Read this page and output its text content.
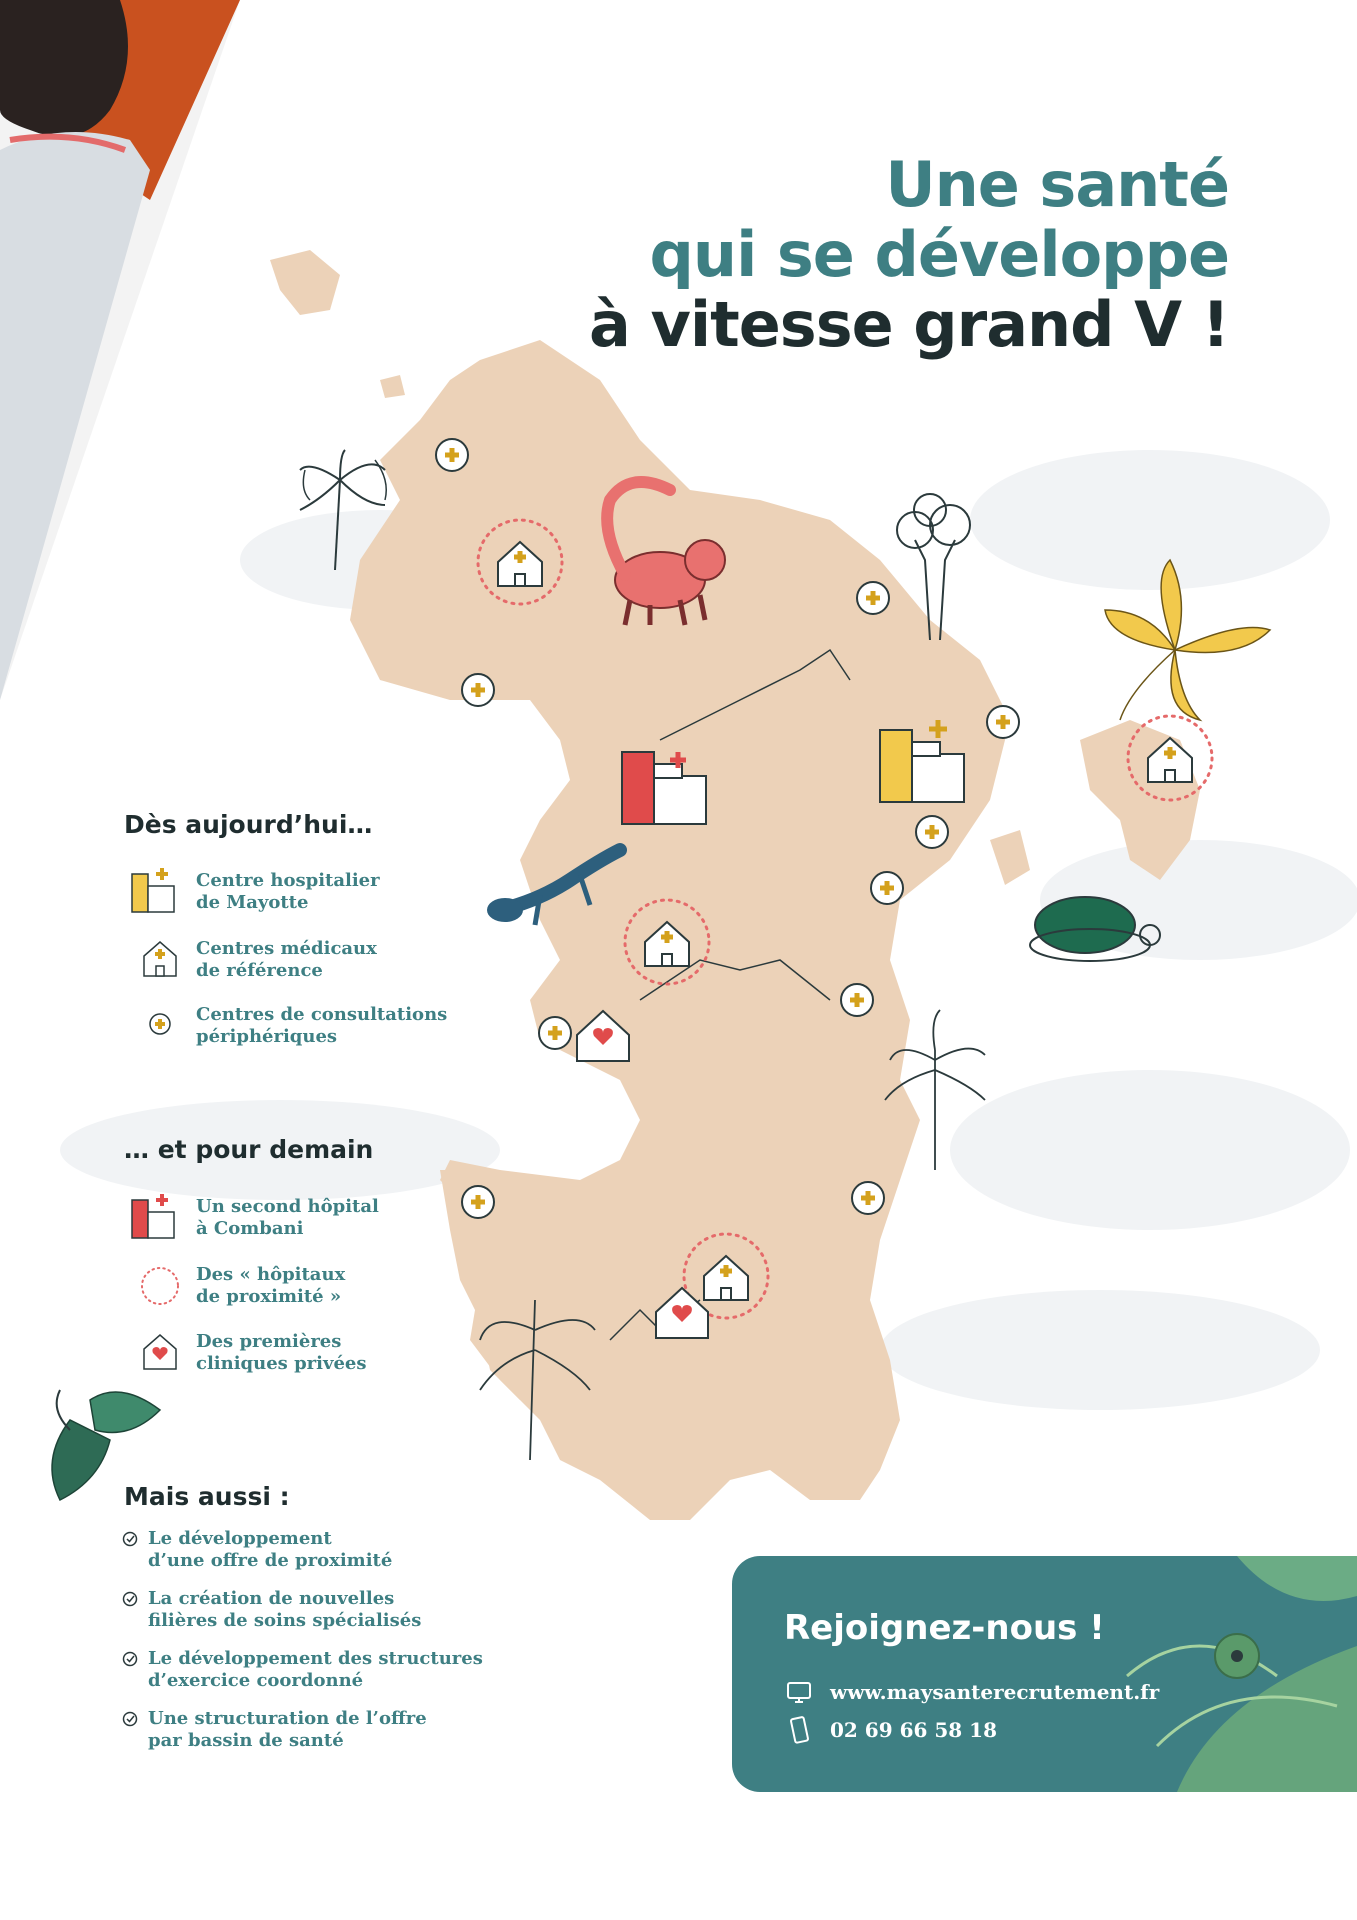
Une santé
qui se développe
à vitesse grand V !
Dès aujourd’hui…
Centre hospitalier
de Mayotte
Centres médicaux
de référence
Centres de consultations
périphériques
… et pour demain
Un second hôpital
à Combani
Des « hôpitaux
de proximité »
Des premières
cliniques privées
Mais aussi :
Le développement
d’une offre de proximité
La création de nouvelles
filières de soins spécialisés
Le développement des structures
d’exercice coordonné
Une structuration de l’offre
par bassin de santé
Rejoignez-nous !
www.maysanterecrutement.fr
02 69 66 58 18
